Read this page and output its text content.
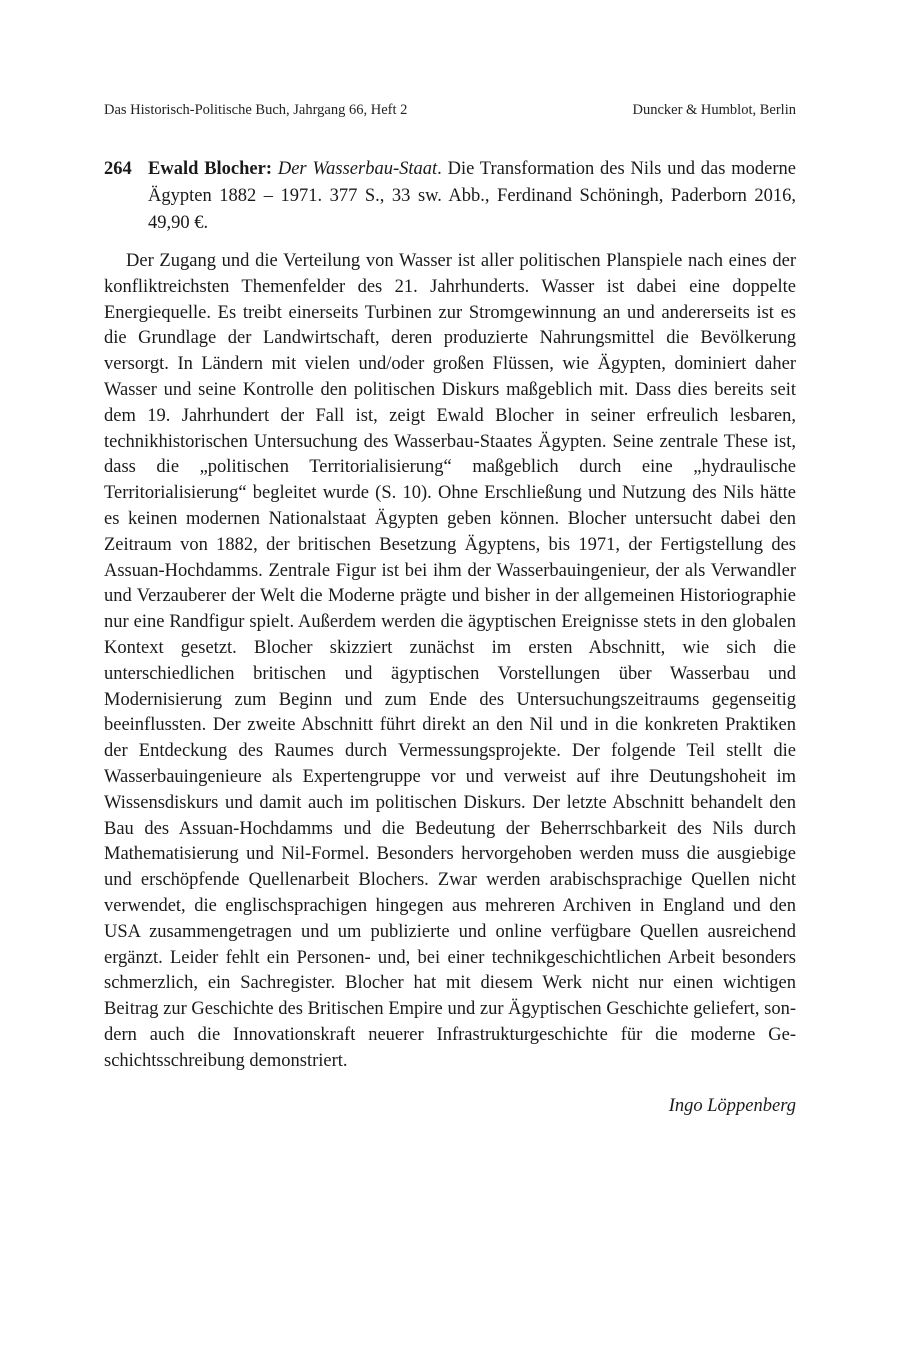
Das Historisch-Politische Buch, Jahrgang 66, Heft 2	Duncker & Humblot, Berlin
264 Ewald Blocher: Der Wasserbau-Staat. Die Transformation des Nils und das moderne Ägypten 1882 – 1971. 377 S., 33 sw. Abb., Ferdinand Schöningh, Paderborn 2016, 49,90 €.

Der Zugang und die Verteilung von Wasser ist aller politischen Planspiele nach eines der konfliktreichsten Themenfelder des 21. Jahrhunderts. Wasser ist dabei eine doppelte Energiequelle. Es treibt einerseits Turbinen zur Stromgewinnung an und andererseits ist es die Grundlage der Landwirtschaft, deren produzierte Nahrungsmittel die Bevölkerung versorgt. In Ländern mit vielen und/oder großen Flüssen, wie Ägypten, dominiert daher Wasser und seine Kontrolle den politischen Diskurs maßgeblich mit. Dass dies bereits seit dem 19. Jahrhundert der Fall ist, zeigt Ewald Blocher in seiner erfreulich lesbaren, technikhistorischen Untersuchung des Wasserbau-Staates Ägypten. Seine zentrale These ist, dass die „politischen Territorialisierung“ maßgeblich durch eine „hydraulische Territorialisierung“ begleitet wurde (S. 10). Ohne Erschließung und Nutzung des Nils hätte es keinen modernen Nationalstaat Ägypten geben können. Blocher untersucht dabei den Zeitraum von 1882, der britischen Besetzung Ägyptens, bis 1971, der Fertigstellung des Assuan-Hochdamms. Zentrale Figur ist bei ihm der Wasserbauingenieur, der als Verwandler und Verzauberer der Welt die Moderne prägte und bisher in der allgemeinen Historiographie nur eine Randfigur spielt. Außerdem werden die ägyptischen Ereignisse stets in den globalen Kontext gesetzt. Blocher skizziert zunächst im ersten Abschnitt, wie sich die unterschiedlichen britischen und ägyptischen Vorstellungen über Wasserbau und Modernisierung zum Beginn und zum Ende des Untersuchungszeitraums gegenseitig beeinflussten. Der zweite Abschnitt führt direkt an den Nil und in die konkreten Praktiken der Entdeckung des Raumes durch Vermessungsprojekte. Der folgende Teil stellt die Wasserbauingenieure als Expertengruppe vor und verweist auf ihre Deutungshoheit im Wissensdiskurs und damit auch im politischen Diskurs. Der letzte Abschnitt behandelt den Bau des Assuan-Hochdamms und die Bedeutung der Beherrschbarkeit des Nils durch Mathematisierung und Nil-Formel. Besonders hervorgehoben werden muss die ausgiebige und erschöpfende Quellenarbeit Blochers. Zwar werden arabischsprachige Quellen nicht verwendet, die englischsprachigen hingegen aus mehreren Archiven in England und den USA zusammengetragen und um publizierte und online verfügbare Quellen ausreichend ergänzt. Leider fehlt ein Personen- und, bei einer technikgeschichtlichen Arbeit besonders schmerzlich, ein Sachregister. Blocher hat mit diesem Werk nicht nur einen wichtigen Beitrag zur Geschichte des Britischen Empire und zur Ägyptischen Geschichte geliefert, sondern auch die Innovationskraft neuerer Infrastrukturgeschichte für die moderne Geschichtsschreibung demonstriert.

Ingo Löppenberg
